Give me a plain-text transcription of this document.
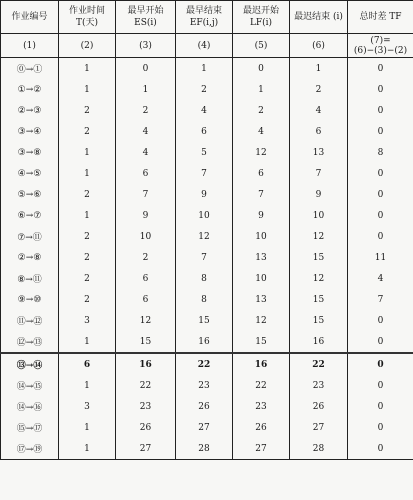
作业编号	作业时间 T(天)	最早开始 ES(i)	最早结束 EF(i,j)	最迟开始 LF(i)	最迟结束 (i)	总时差 TF
(1)	(2)	(3)	(4)	(5)	(6)	(7)=(6)−(3)−(2)
⓪→①	1	0	1	0	1	0
①→②	1	1	2	1	2	0
②→③	2	2	4	2	4	0
③→④	2	4	6	4	6	0
③→⑧	1	4	5	12	13	8
④→⑤	1	6	7	6	7	0
⑤→⑥	2	7	9	7	9	0
⑥→⑦	1	9	10	9	10	0
⑦→⑪	2	10	12	10	12	0
②→⑧	2	2	7	13	15	11
⑧→⑪	2	6	8	10	12	4
⑨→⑩	2	6	8	13	15	7
⑪→⑫	3	12	15	12	15	0
⑫→⑬	1	15	16	15	16	0
⑬→⑭	6	16	22	16	22	0
⑭→⑮	1	22	23	22	23	0
⑭→⑯	3	23	26	23	26	0
⑮→⑰	1	26	27	26	27	0
⑰→⑲	1	27	28	27	28	0
